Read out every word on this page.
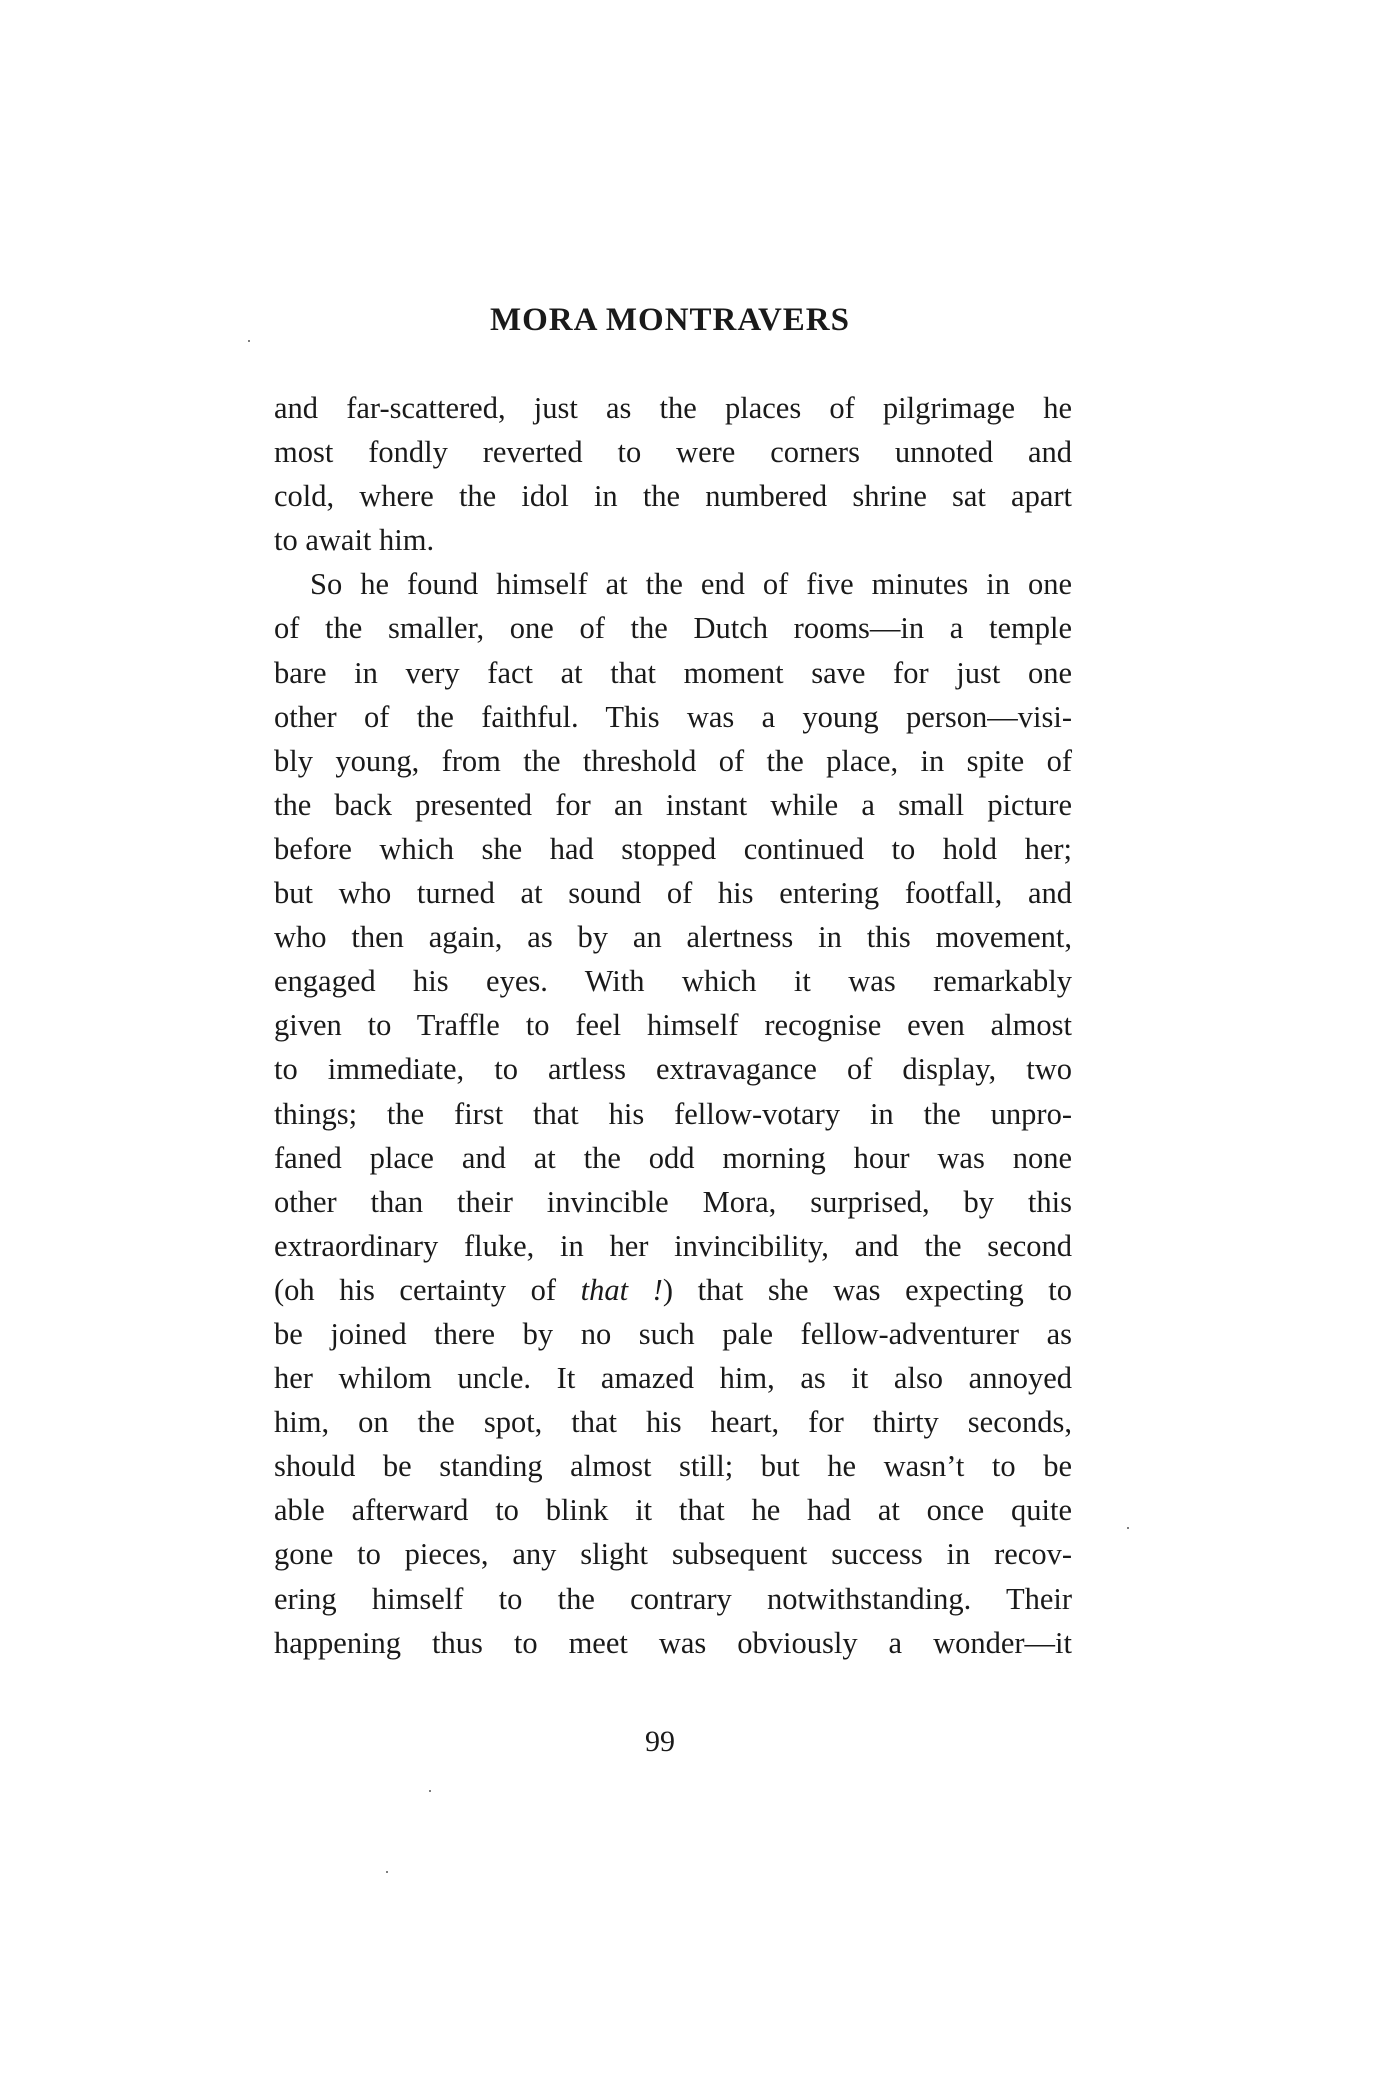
MORA MONTRAVERS
and far-scattered, just as the places of pilgrimage he
most fondly reverted to were corners unnoted and
cold, where the idol in the numbered shrine sat apart
to await him.
So he found himself at the end of five minutes in one
of the smaller, one of the Dutch rooms—in a temple
bare in very fact at that moment save for just one
other of the faithful. This was a young person—visi-
bly young, from the threshold of the place, in spite of
the back presented for an instant while a small picture
before which she had stopped continued to hold her;
but who turned at sound of his entering footfall, and
who then again, as by an alertness in this movement,
engaged his eyes. With which it was remarkably
given to Traffle to feel himself recognise even almost
to immediate, to artless extravagance of display, two
things; the first that his fellow-votary in the unpro-
faned place and at the odd morning hour was none
other than their invincible Mora, surprised, by this
extraordinary fluke, in her invincibility, and the second
(oh his certainty of that !) that she was expecting to
be joined there by no such pale fellow-adventurer as
her whilom uncle. It amazed him, as it also annoyed
him, on the spot, that his heart, for thirty seconds,
should be standing almost still; but he wasn’t to be
able afterward to blink it that he had at once quite
gone to pieces, any slight subsequent success in recov-
ering himself to the contrary notwithstanding. Their
happening thus to meet was obviously a wonder—it
99
